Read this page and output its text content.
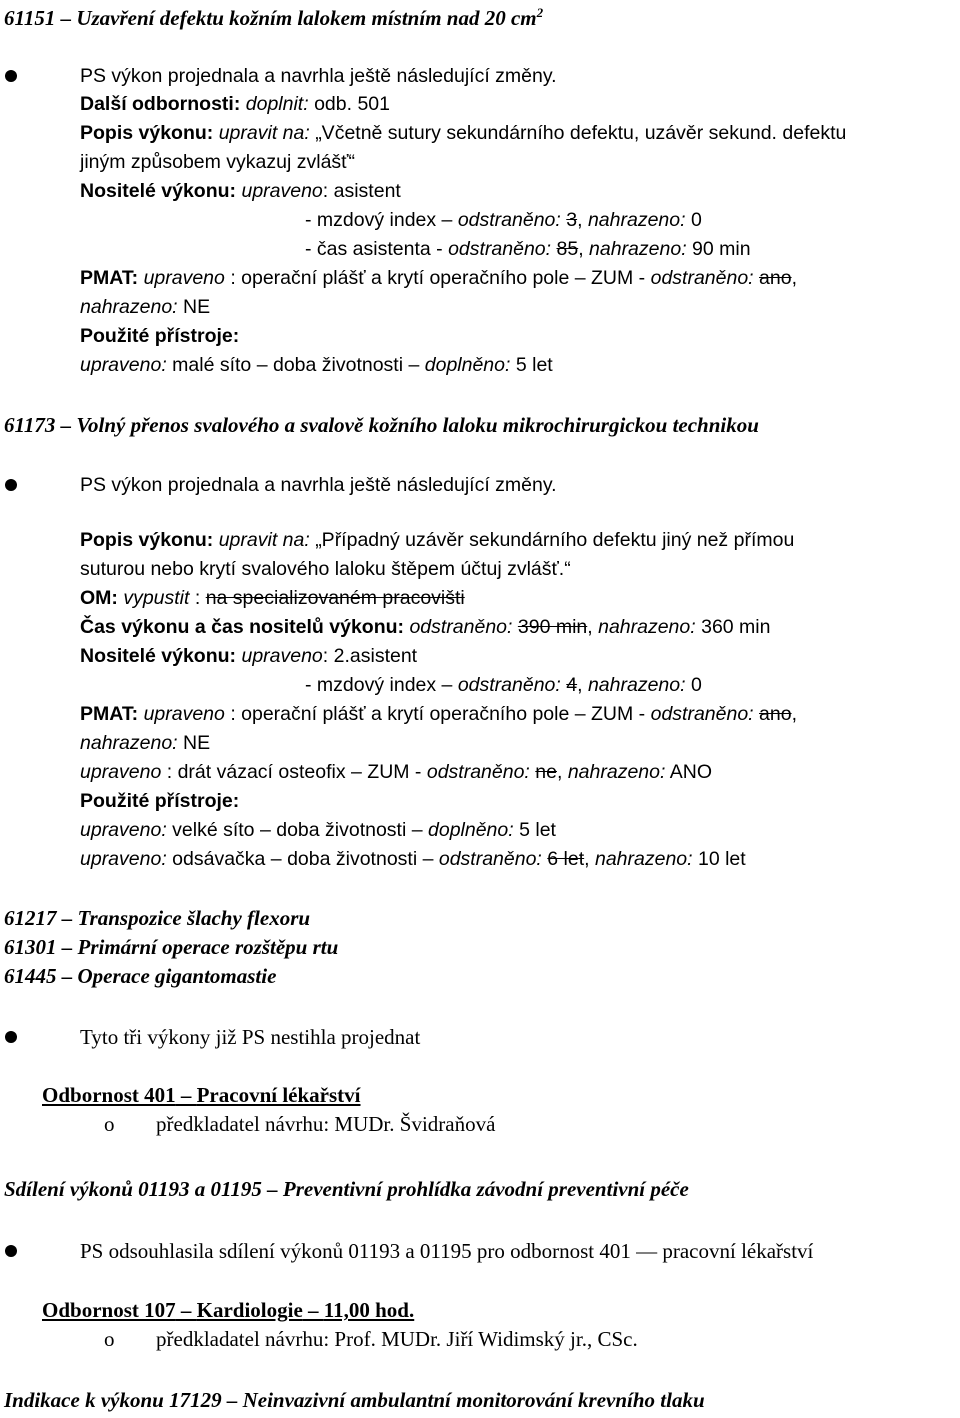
61151 – Uzavření defektu kožním lalokem místním nad 20 $cm^2$
PS výkon projednala a navrhla ještě následující změny.
Další odbornosti: doplnit: odb. 501
Popis výkonu: upravit na: „Včetně sutury sekundárního defektu, uzávěr sekund. defektu
jiným způsobem vykazuj zvlášť“
Nositelé výkonu: upraveno: asistent
- mzdový index – odstraněno: 3, nahrazeno: 0
- čas asistenta - odstraněno: 85, nahrazeno: 90 min
PMAT: upraveno : operační plášť a krytí operačního pole – ZUM - odstraněno: ano,
nahrazeno: NE
Použité přístroje:
upraveno: malé síto – doba životnosti – doplněno: 5 let
61173 – Volný přenos svalového a svalově kožního laloku mikrochirurgickou technikou
PS výkon projednala a navrhla ještě následující změny.
Popis výkonu: upravit na: „Případný uzávěr sekundárního defektu jiný než přímou
suturou nebo krytí svalového laloku štěpem účtuj zvlášť.“
OM: vypustit : na specializovaném pracovišti
Čas výkonu a čas nositelů výkonu: odstraněno: 390 min, nahrazeno: 360 min
Nositelé výkonu: upraveno: 2.asistent
- mzdový index – odstraněno: 4, nahrazeno: 0
PMAT: upraveno : operační plášť a krytí operačního pole – ZUM - odstraněno: ano,
nahrazeno: NE
upraveno : drát vázací osteofix – ZUM - odstraněno: ne, nahrazeno: ANO
Použité přístroje:
upraveno: velké síto – doba životnosti – doplněno: 5 let
upraveno: odsávačka – doba životnosti – odstraněno: 6 let, nahrazeno: 10 let
61217 – Transpozice šlachy flexoru
61301 – Primární operace rozštěpu rtu
61445 – Operace gigantomastie
Tyto tři výkony již PS nestihla projednat
Odbornost 401 – Pracovní lékařství
o předkladatel návrhu: MUDr. Švidraňová
Sdílení výkonů 01193 a 01195 – Preventivní prohlídka závodní preventivní péče
PS odsouhlasila sdílení výkonů 01193 a 01195 pro odbornost 401 — pracovní lékařství
Odbornost 107 – Kardiologie – 11,00 hod.
o předkladatel návrhu: Prof. MUDr. Jiří Widimský jr., CSc.
Indikace k výkonu 17129 – Neinvazivní ambulantní monitorování krevního tlaku
